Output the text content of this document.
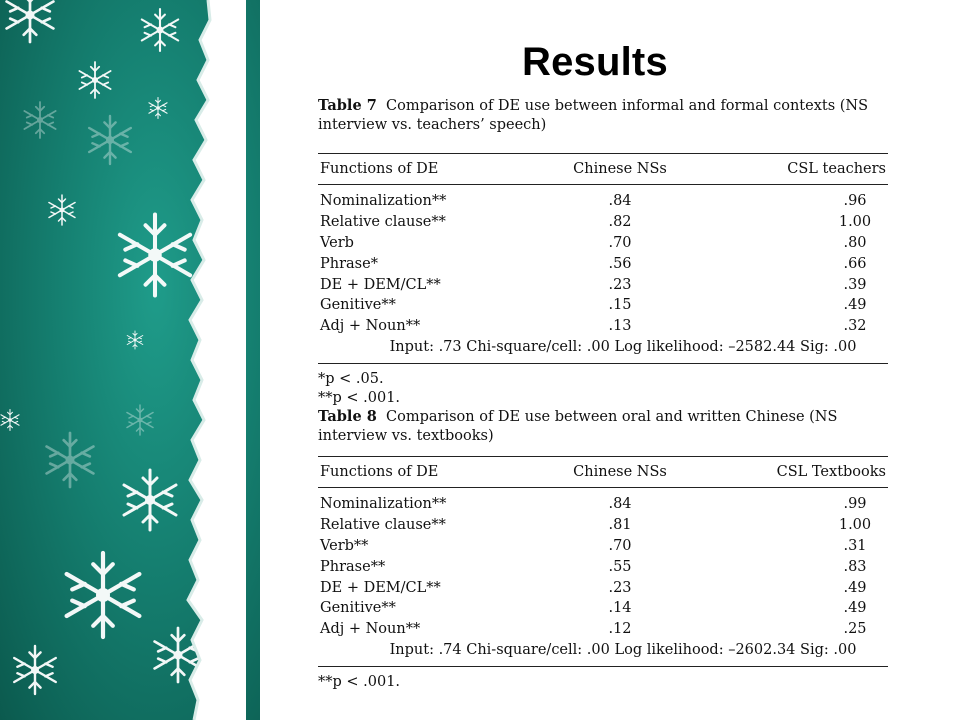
Results
Table 7 Comparison of DE use between informal and formal contexts (NS interview vs. teachers’ speech)
Functions of DE	Chinese NSs	CSL teachers
Nominalization**	.84	.96
Relative clause**	.82	1.00
Verb	.70	.80
Phrase*	.56	.66
DE + DEM/CL**	.23	.39
Genitive**	.15	.49
Adj + Noun**	.13	.32
Input: .73 Chi-square/cell: .00 Log likelihood: –2582.44 Sig: .00
*p < .05.
**p < .001.
Table 8 Comparison of DE use between oral and written Chinese (NS interview vs. textbooks)
Functions of DE	Chinese NSs	CSL Textbooks
Nominalization**	.84	.99
Relative clause**	.81	1.00
Verb**	.70	.31
Phrase**	.55	.83
DE + DEM/CL**	.23	.49
Genitive**	.14	.49
Adj + Noun**	.12	.25
Input: .74 Chi-square/cell: .00 Log likelihood: –2602.34 Sig: .00
**p < .001.
